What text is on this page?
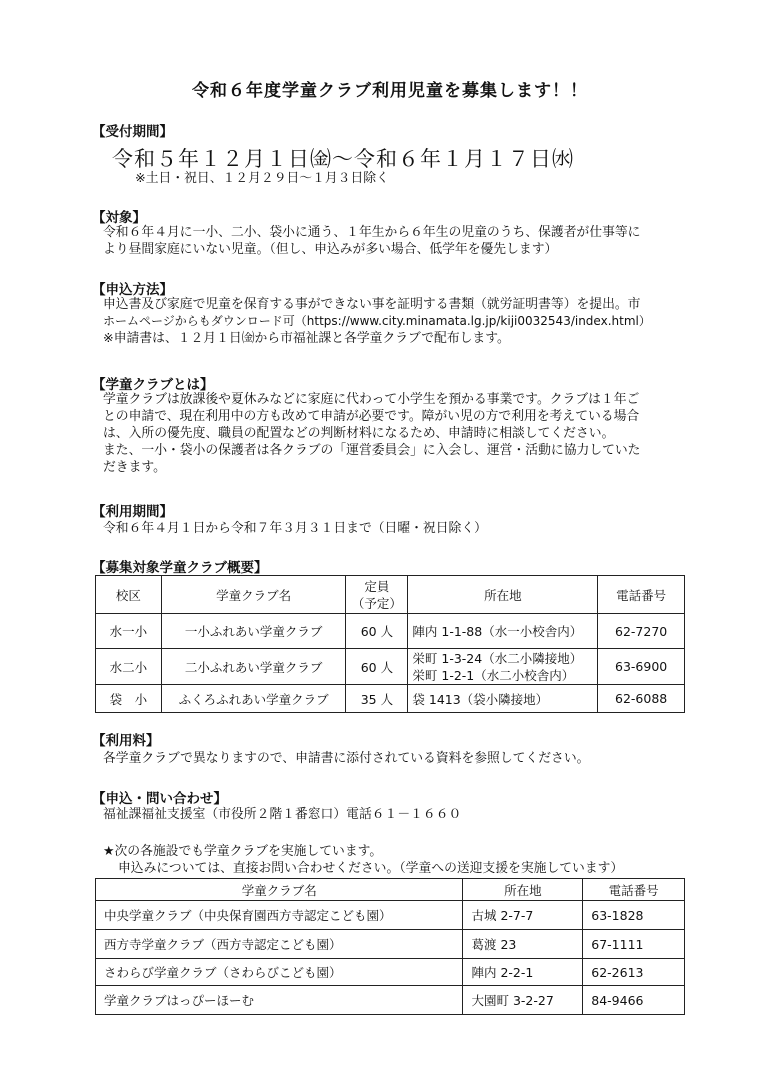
令和６年度学童クラブ利用児童を募集します！！
【受付期間】
令和５年１２月１日㈮～令和６年１月１７日㈬
※土日・祝日、１２月２９日～１月３日除く
【対象】
令和６年４月に一小、二小、袋小に通う、１年生から６年生の児童のうち、保護者が仕事等に
より昼間家庭にいない児童。（但し、申込みが多い場合、低学年を優先します）
【申込方法】
申込書及び家庭で児童を保育する事ができない事を証明する書類（就労証明書等）を提出。市
ホームページからもダウンロード可（https://www.city.minamata.lg.jp/kiji0032543/index.html）
※申請書は、１２月１日㈮から市福祉課と各学童クラブで配布します。
【学童クラブとは】
学童クラブは放課後や夏休みなどに家庭に代わって小学生を預かる事業です。クラブは１年ご
との申請で、現在利用中の方も改めて申請が必要です。障がい児の方で利用を考えている場合
は、入所の優先度、職員の配置などの判断材料になるため、申請時に相談してください。
また、一小・袋小の保護者は各クラブの「運営委員会」に入会し、運営・活動に協力していた
だきます。
【利用期間】
令和６年４月１日から令和７年３月３１日まで（日曜・祝日除く）
【募集対象学童クラブ概要】
校区	学童クラブ名	定員
（予定）	所在地	電話番号
水一小	一小ふれあい学童クラブ	60 人	陣内 1-1-88（水一小校舎内）	62-7270
水二小	二小ふれあい学童クラブ	60 人	栄町 1-3-24（水二小隣接地）
栄町 1-2-1（水二小校舎内）	63-6900
袋　小	ふくろふれあい学童クラブ	35 人	袋 1413（袋小隣接地）	62-6088
【利用料】
各学童クラブで異なりますので、申請書に添付されている資料を参照してください。
【申込・問い合わせ】
福祉課福祉支援室（市役所２階１番窓口）電話６１－１６６０
★次の各施設でも学童クラブを実施しています。
申込みについては、直接お問い合わせください。（学童への送迎支援を実施しています）
学童クラブ名	所在地	電話番号
中央学童クラブ（中央保育園西方寺認定こども園）	古城 2-7-7	63-1828
西方寺学童クラブ（西方寺認定こども園）	葛渡 23	67-1111
さわらび学童クラブ（さわらびこども園）	陣内 2-2-1	62-2613
学童クラブはっぴーほーむ	大園町 3-2-27	84-9466
